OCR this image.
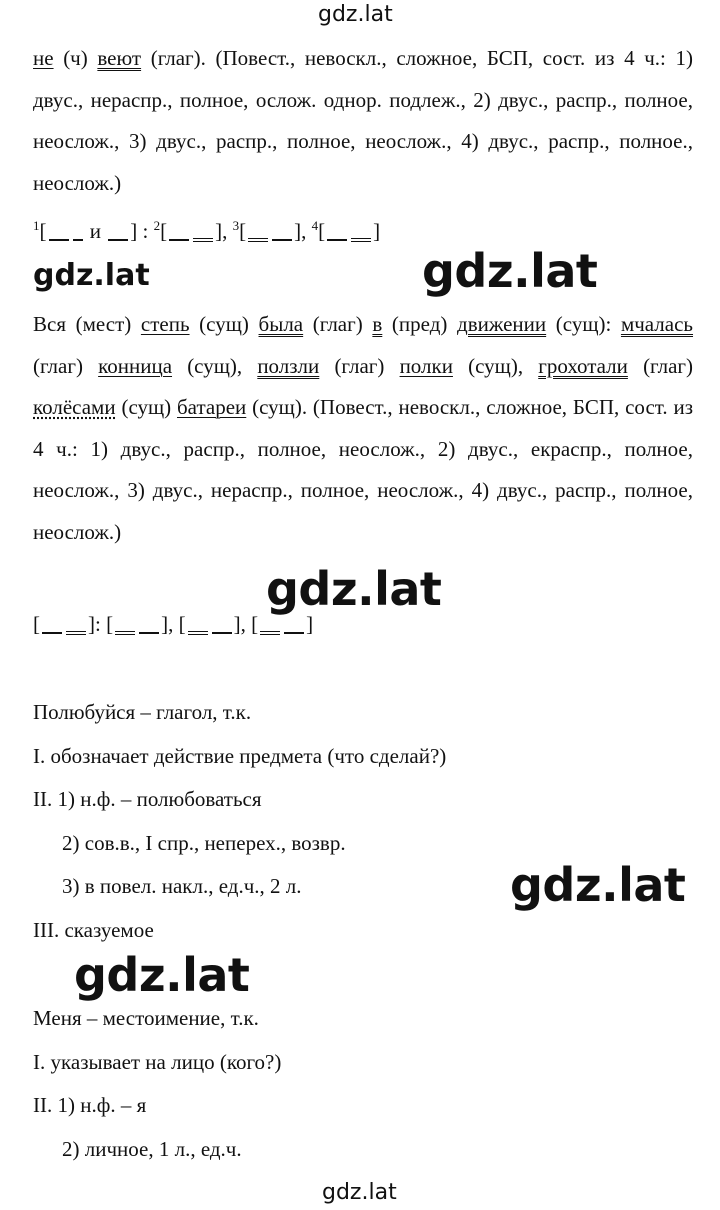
gdz.lat
gdz.lat	gdz.lat
gdz.lat
gdz.lat
gdz.lat
gdz.lat
не (ч) веют (глаг). (Повест., невоскл., сложное, БСП, сост. из 4 ч.: 1) двус., нераспр., полное, ослож. однор. подлеж., 2) двус., распр., полное, неослож., 3) двус., распр., полное, неослож., 4) двус., распр., полное., неослож.)
$^1$[ и ] : $^2$[ ], $^3$[ ], $^4$[ ]
Вся (мест) степь (сущ) была (глаг) в (пред) движении (сущ): мчалась (глаг) конница (сущ), ползли (глаг) полки (сущ), грохотали (глаг) колёсами (сущ) батареи (сущ). (Повест., невоскл., сложное, БСП, сост. из 4 ч.: 1) двус., распр., полное, неослож., 2) двус., екраспр., полное, неослож., 3) двус., нераспр., полное, неослож., 4) двус., распр., полное, неослож.)
[ ]: [ ], [ ], [ ]
Полюбуйся – глагол, т.к.
I. обозначает действие предмета (что сделай?)
II. 1) н.ф. – полюбоваться
2) сов.в., I спр., неперех., возвр.
3) в повел. накл., ед.ч., 2 л.
III. сказуемое
Меня – местоимение, т.к.
I. указывает на лицо (кого?)
II. 1) н.ф. – я
2) личное, 1 л., ед.ч.
